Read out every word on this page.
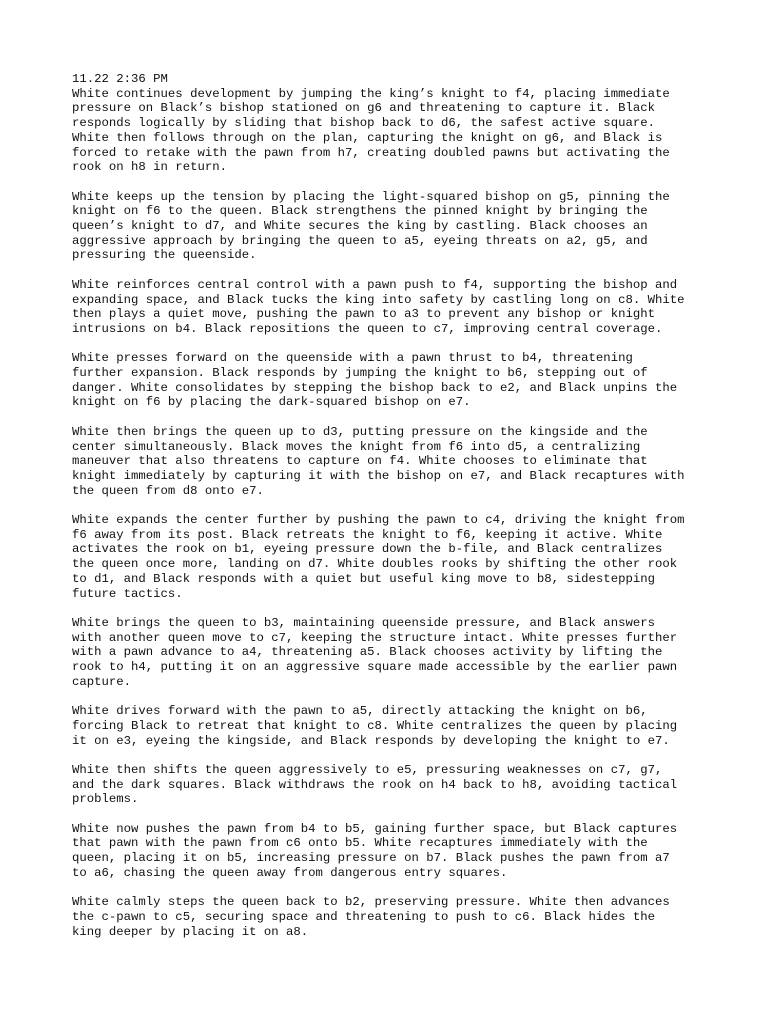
11.22 2:36 PM

White continues development by jumping the king’s knight to f4, placing immediate
pressure on Black’s bishop stationed on g6 and threatening to capture it. Black
responds logically by sliding that bishop back to d6, the safest active square.
White then follows through on the plan, capturing the knight on g6, and Black is
forced to retake with the pawn from h7, creating doubled pawns but activating the
rook on h8 in return.

White keeps up the tension by placing the light-squared bishop on g5, pinning the
knight on f6 to the queen. Black strengthens the pinned knight by bringing the
queen’s knight to d7, and White secures the king by castling. Black chooses an
aggressive approach by bringing the queen to a5, eyeing threats on a2, g5, and
pressuring the queenside.

White reinforces central control with a pawn push to f4, supporting the bishop and
expanding space, and Black tucks the king into safety by castling long on c8. White
then plays a quiet move, pushing the pawn to a3 to prevent any bishop or knight
intrusions on b4. Black repositions the queen to c7, improving central coverage.

White presses forward on the queenside with a pawn thrust to b4, threatening
further expansion. Black responds by jumping the knight to b6, stepping out of
danger. White consolidates by stepping the bishop back to e2, and Black unpins the
knight on f6 by placing the dark-squared bishop on e7.

White then brings the queen up to d3, putting pressure on the kingside and the
center simultaneously. Black moves the knight from f6 into d5, a centralizing
maneuver that also threatens to capture on f4. White chooses to eliminate that
knight immediately by capturing it with the bishop on e7, and Black recaptures with
the queen from d8 onto e7.

White expands the center further by pushing the pawn to c4, driving the knight from
f6 away from its post. Black retreats the knight to f6, keeping it active. White
activates the rook on b1, eyeing pressure down the b-file, and Black centralizes
the queen once more, landing on d7. White doubles rooks by shifting the other rook
to d1, and Black responds with a quiet but useful king move to b8, sidestepping
future tactics.

White brings the queen to b3, maintaining queenside pressure, and Black answers
with another queen move to c7, keeping the structure intact. White presses further
with a pawn advance to a4, threatening a5. Black chooses activity by lifting the
rook to h4, putting it on an aggressive square made accessible by the earlier pawn
capture.

White drives forward with the pawn to a5, directly attacking the knight on b6,
forcing Black to retreat that knight to c8. White centralizes the queen by placing
it on e3, eyeing the kingside, and Black responds by developing the knight to e7.

White then shifts the queen aggressively to e5, pressuring weaknesses on c7, g7,
and the dark squares. Black withdraws the rook on h4 back to h8, avoiding tactical
problems.

White now pushes the pawn from b4 to b5, gaining further space, but Black captures
that pawn with the pawn from c6 onto b5. White recaptures immediately with the
queen, placing it on b5, increasing pressure on b7. Black pushes the pawn from a7
to a6, chasing the queen away from dangerous entry squares.

White calmly steps the queen back to b2, preserving pressure. White then advances
the c-pawn to c5, securing space and threatening to push to c6. Black hides the
king deeper by placing it on a8.
